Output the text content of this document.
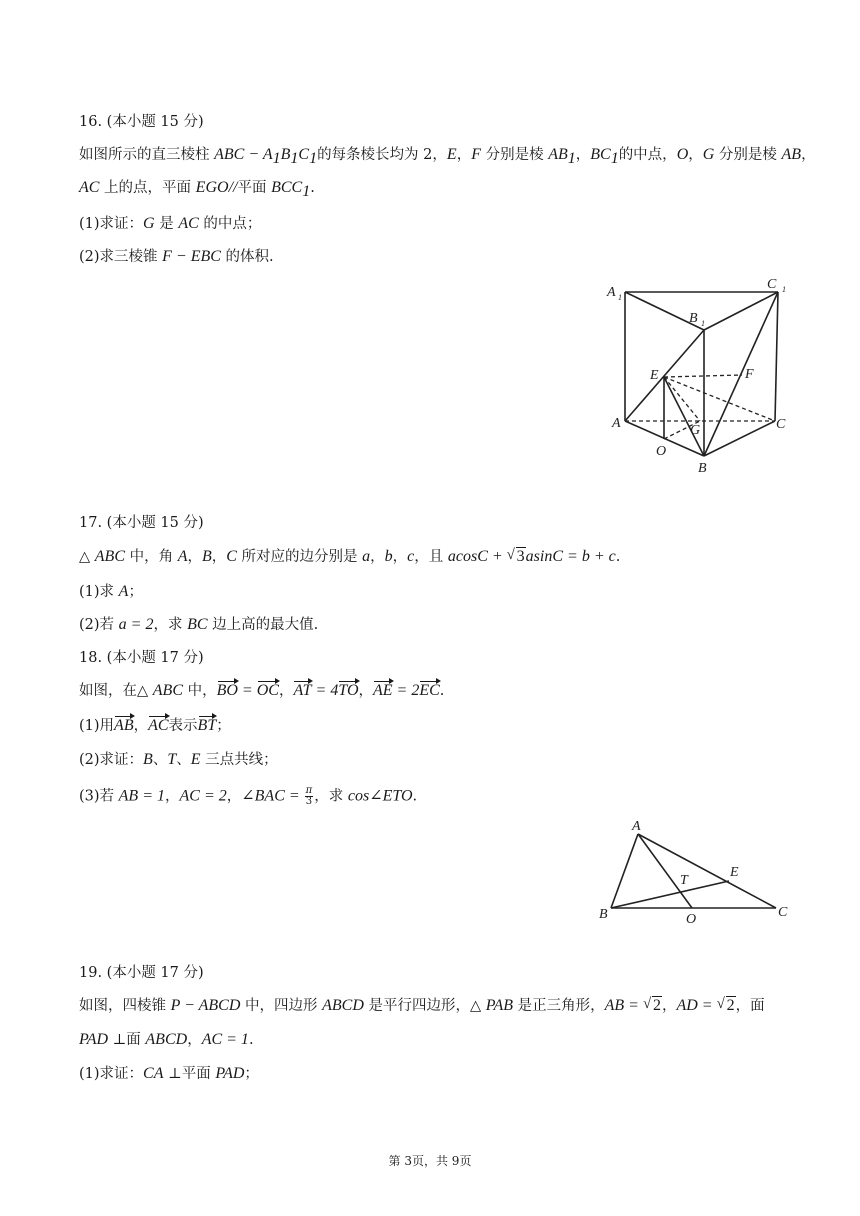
16. (本小题 15 分)
如图所示的直三棱柱 ABC − $A_1B_1C_1$的每条棱长均为 2，E，F 分别是棱 $AB_1$，$BC_1$的中点，O，G 分别是棱 AB，
AC 上的点，平面 EGO//平面 $BCC_1$.
(1)求证：G 是 AC 的中点；
(2)求三棱锥 F − EBC 的体积.
A 1
B 1
C 1
E	F
A	G	C
O
B
17. (本小题 15 分)
△ ABC 中，角 A，B，C 所对应的边分别是 a，b，c，且 acosC + √ 3asinC = b + c.
(1)求 A；
(2)若 a = 2，求 BC 边上高的最大值.
18. (本小题 17 分)
如图，在△ ABC 中，BO = OC，AT = 4TO，AE = 2EC.
(1)用AB，AC表示BT；
(2)求证：B、T、E 三点共线；
(3)若 AB = 1，AC = 2，∠BAC = $\frac{\pi}{3}$ ，求 cos∠ETO.
A
E
T
B	O	C
19. (本小题 17 分)
如图，四棱锥 P − ABCD 中，四边形 ABCD 是平行四边形，△ PAB 是正三角形，AB = √ 2，AD = √ 2，面
PAD ⊥面 ABCD，AC = 1.
(1)求证：CA ⊥平面 PAD；
第 3页，共 9页
